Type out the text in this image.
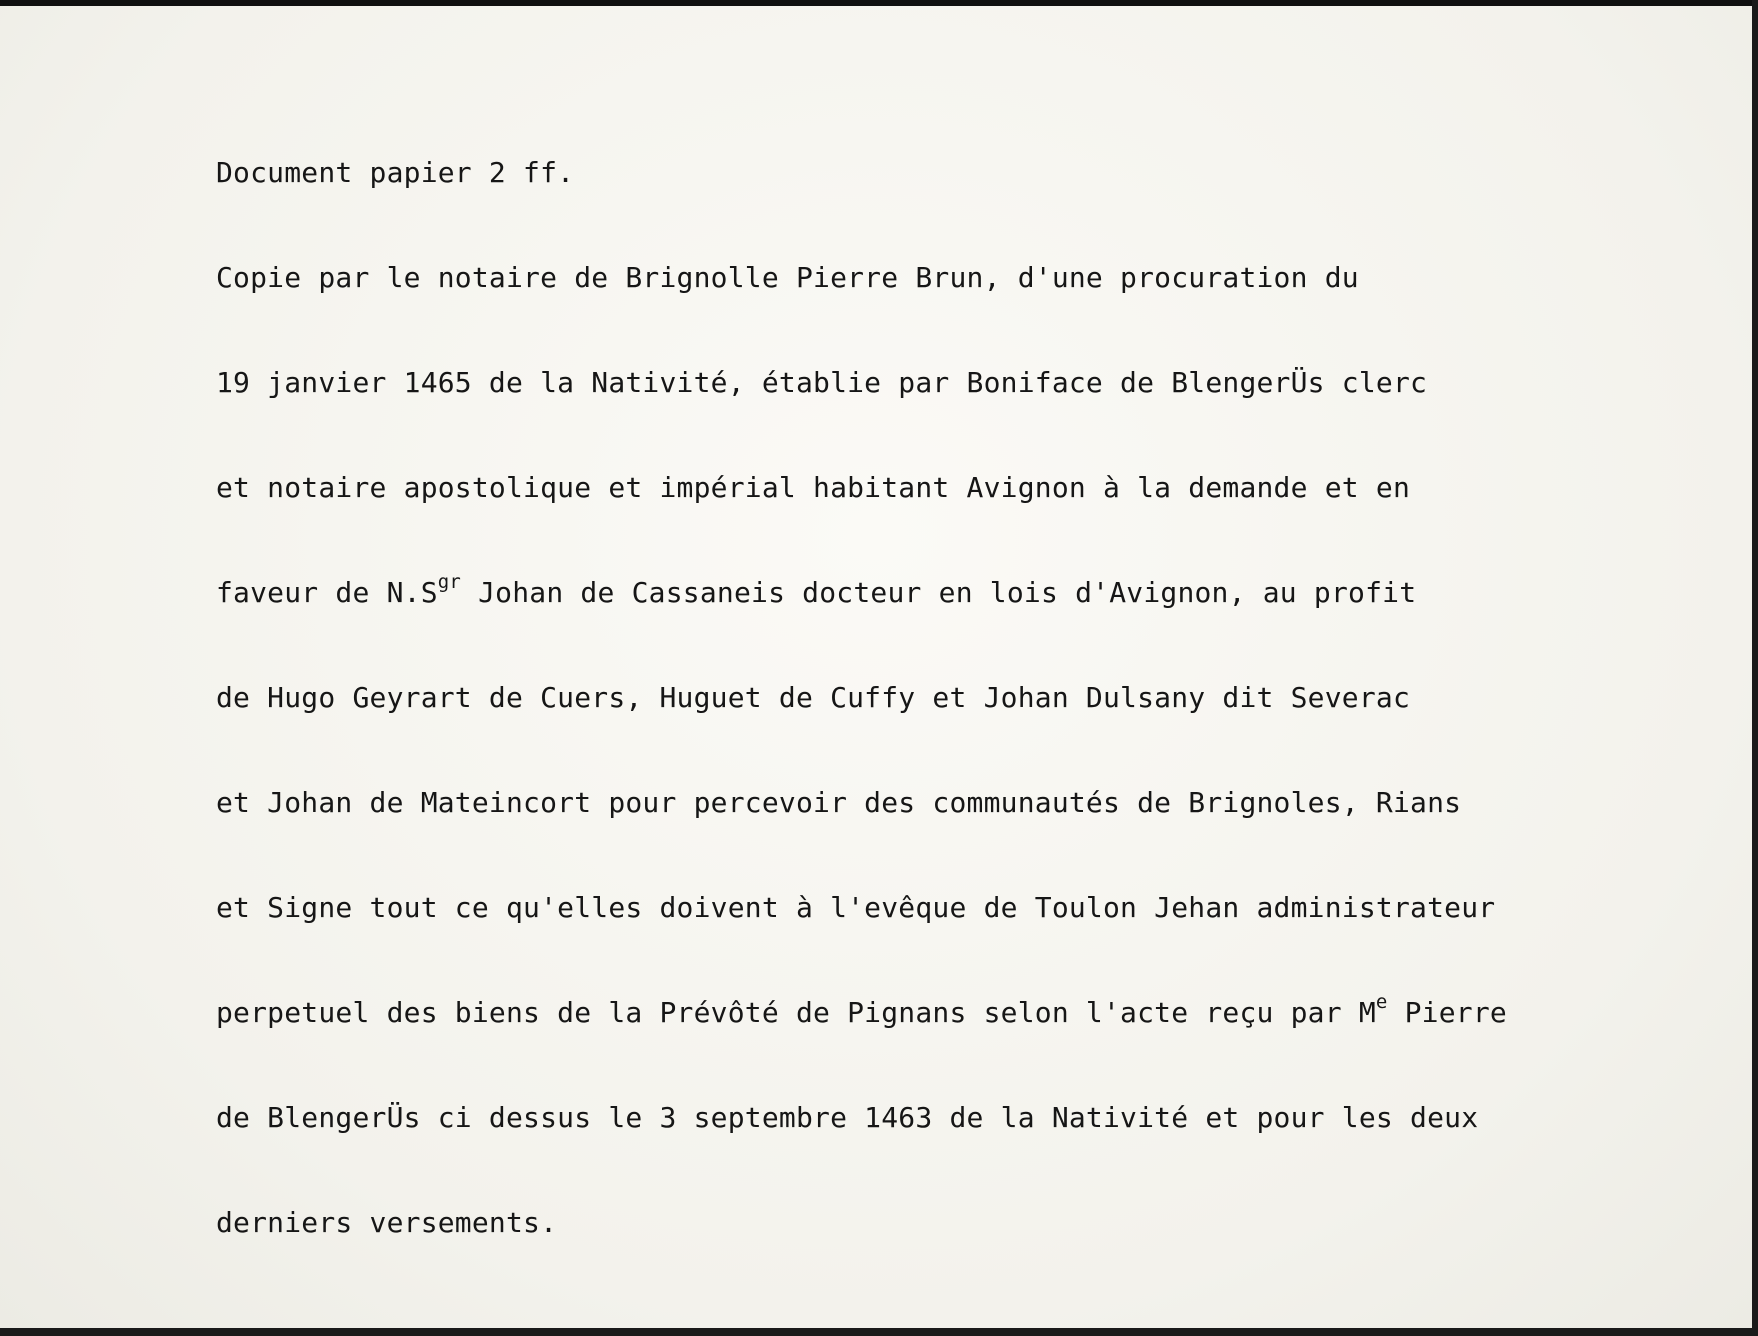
Document papier 2 ff.
Copie par le notaire de Brignolle Pierre Brun, d'une procuration du
19 janvier 1465 de la Nativité, établie par Boniface de BlengerÜs clerc
et notaire apostolique et impérial habitant Avignon à la demande et en
faveur de $N.S^{gr}$ Johan de Cassaneis docteur en lois d'Avignon, au profit
de Hugo Geyrart de Cuers, Huguet de Cuffy et Johan Dulsany dit Severac
et Johan de Mateincort pour percevoir des communautés de Brignoles, Rians
et Signe tout ce qu'elles doivent à l'evêque de Toulon Jehan administrateur
perpetuel des biens de la Prévôté de Pignans selon l'acte reçu par Me Pierre
de BlengerÜs ci dessus le 3 septembre 1463 de la Nativité et pour les deux
derniers versements.
